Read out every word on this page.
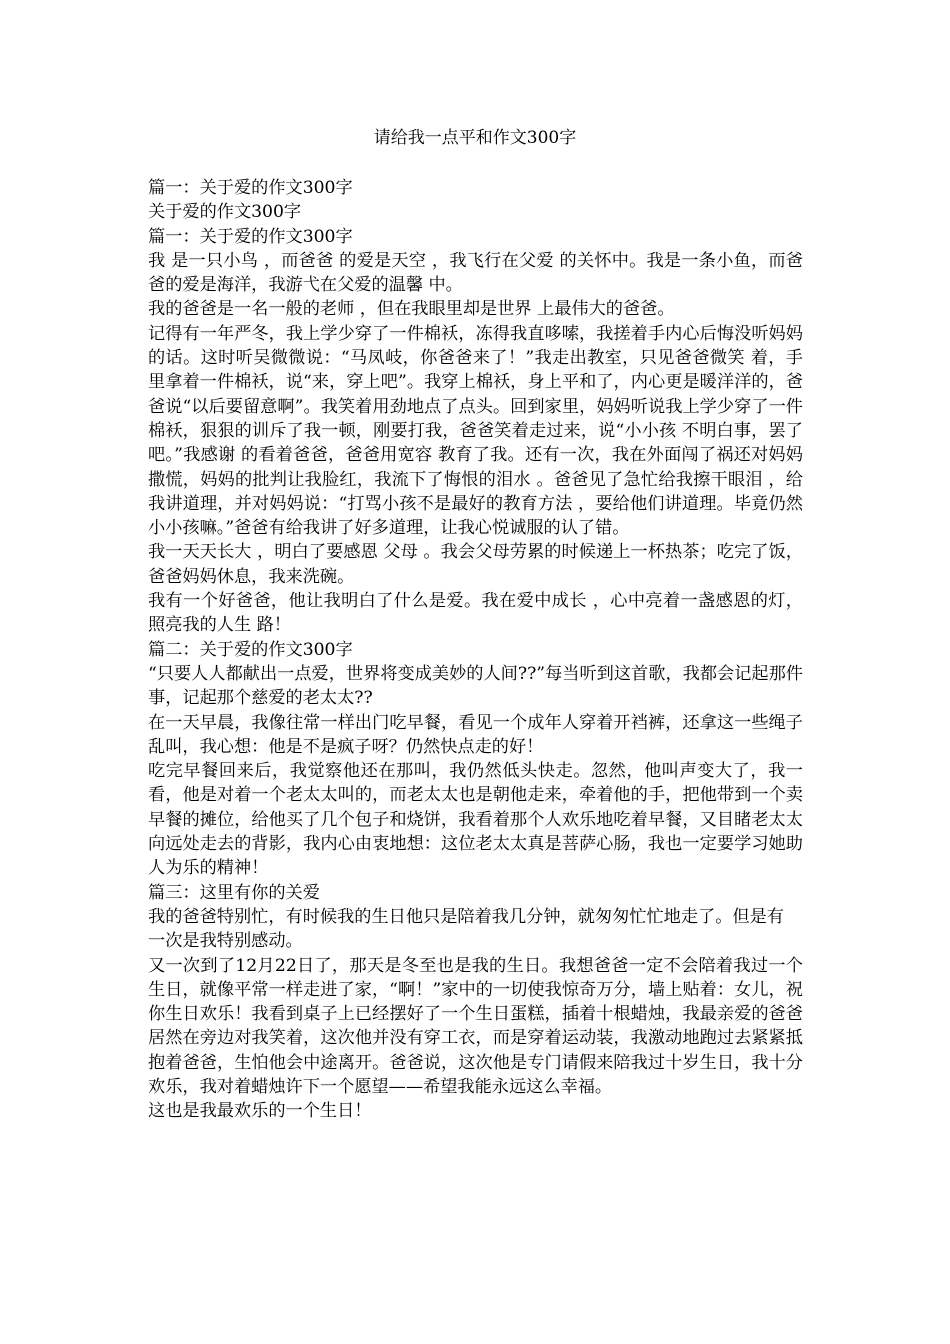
请给我一点平和作文300字

篇一：关于爱的作文300字

关于爱的作文300字

篇一：关于爱的作文300字

我 是一只小鸟 ，而爸爸 的爱是天空 ，我飞行在父爱 的关怀中。我是一条小鱼，而爸爸的爱是海洋，我游弋在父爱的温馨 中。

我的爸爸是一名一般的老师 ，但在我眼里却是世界 上最伟大的爸爸。

记得有一年严冬，我上学少穿了一件棉袄，冻得我直哆嗦，我搓着手内心后悔没听妈妈 的话。这时听吴微微说：“马凤岐，你爸爸来了！”我走出教室，只见爸爸微笑 着，手里拿着一件棉袄，说“来，穿上吧”。我穿上棉袄，身上平和了，内心更是暖洋洋的，爸爸说“以后要留意啊”。我笑着用劲地点了点头。回到家里，妈妈听说我上学少穿了一件棉袄，狠狠的训斥了我一顿，刚要打我，爸爸笑着走过来，说“小小孩 不明白事，罢了吧。”我感谢 的看着爸爸，爸爸用宽容 教育了我。还有一次，我在外面闯了祸还对妈妈撒慌，妈妈的批判让我脸红，我流下了悔恨的泪水 。爸爸见了急忙给我擦干眼泪 ，给我讲道理，并对妈妈说：“打骂小孩不是最好的教育方法 ，要给他们讲道理。毕竟仍然小小孩嘛。”爸爸有给我讲了好多道理，让我心悦诚服的认了错。

我一天天长大 ，明白了要感恩 父母 。我会父母劳累的时候递上一杯热茶；吃完了饭，爸爸妈妈休息，我来洗碗。

我有一个好爸爸，他让我明白了什么是爱。我在爱中成长 ，心中亮着一盏感恩的灯，照亮我的人生 路！

篇二：关于爱的作文300字

“只要人人都献出一点爱，世界将变成美妙的人间??”每当听到这首歌，我都会记起那件事，记起那个慈爱的老太太??

在一天早晨，我像往常一样出门吃早餐，看见一个成年人穿着开裆裤，还拿这一些绳子乱叫，我心想：他是不是疯子呀？仍然快点走的好！

吃完早餐回来后，我觉察他还在那叫，我仍然低头快走。忽然，他叫声变大了，我一看，他是对着一个老太太叫的，而老太太也是朝他走来，牵着他的手，把他带到一个卖早餐的摊位，给他买了几个包子和烧饼，我看着那个人欢乐地吃着早餐，又目睹老太太向远处走去的背影，我内心由衷地想：这位老太太真是菩萨心肠，我也一定要学习她助人为乐的精神！

篇三：这里有你的关爱

我的爸爸特别忙，有时候我的生日他只是陪着我几分钟，就匆匆忙忙地走了。但是有

一次是我特别感动。

又一次到了12月22日了，那天是冬至也是我的生日。我想爸爸一定不会陪着我过一个生日，就像平常一样走进了家，“啊！”家中的一切使我惊奇万分，墙上贴着：女儿，祝你生日欢乐！我看到桌子上已经摆好了一个生日蛋糕，插着十根蜡烛，我最亲爱的爸爸居然在旁边对我笑着，这次他并没有穿工衣，而是穿着运动装，我激动地跑过去紧紧抵抱着爸爸，生怕他会中途离开。爸爸说，这次他是专门请假来陪我过十岁生日，我十分欢乐，我对着蜡烛许下一个愿望——希望我能永远这么幸福。

这也是我最欢乐的一个生日！
